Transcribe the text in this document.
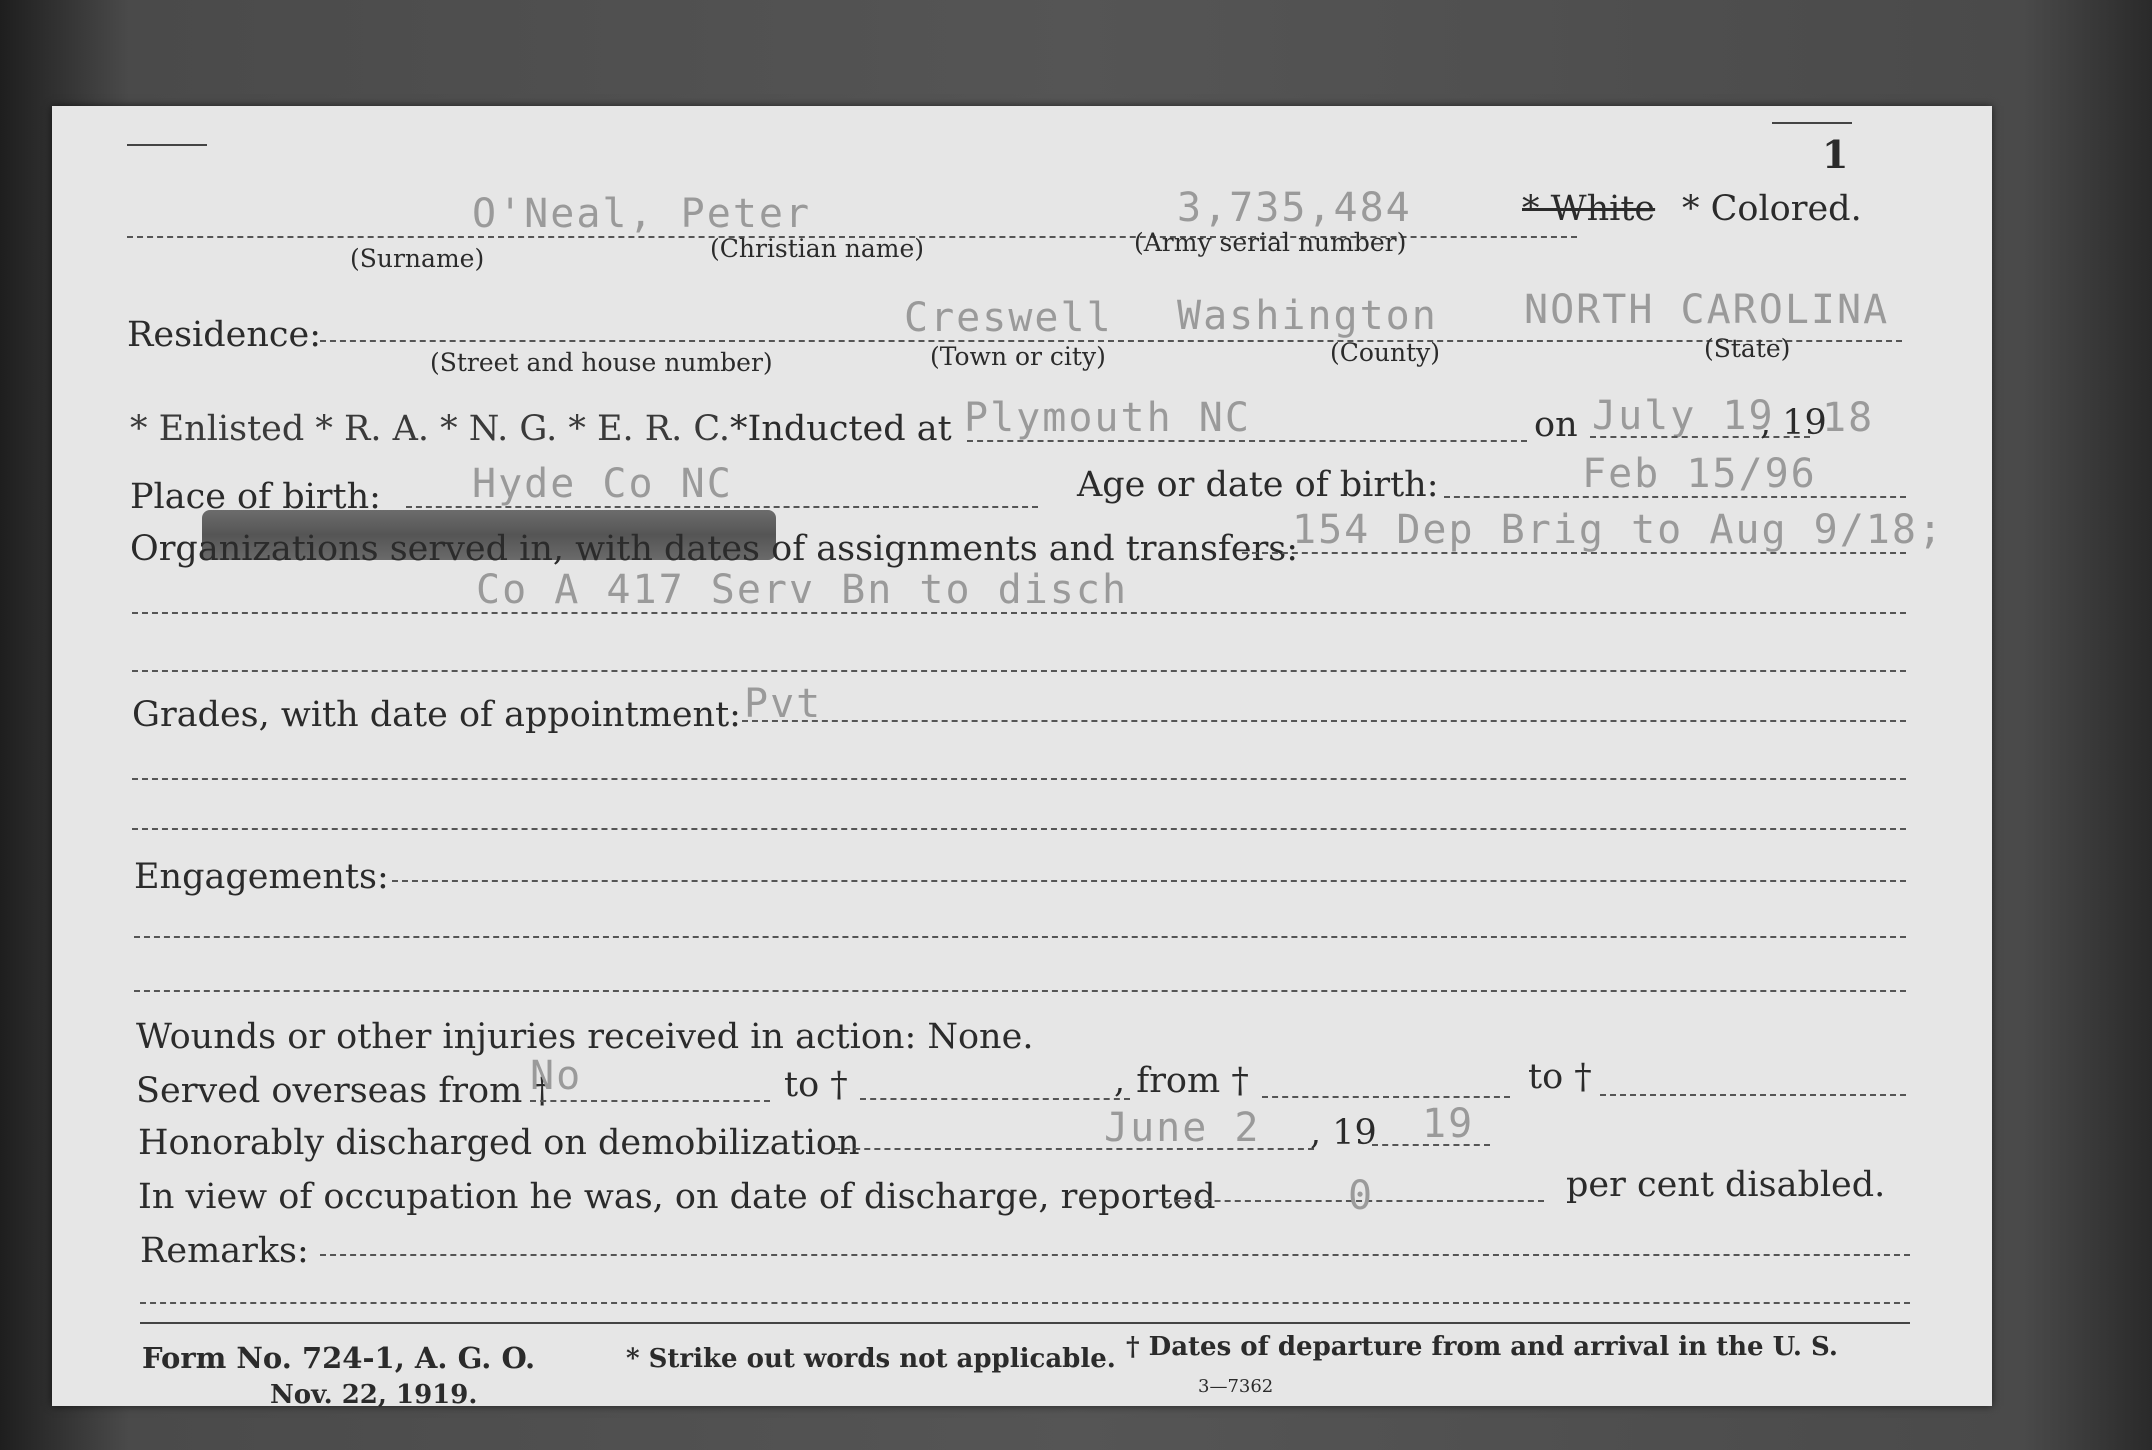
1
O'Neal, Peter	3,735,484	* White * Colored.
(Surname)	(Christian name)	(Army serial number)
Residence:	Creswell Washington NORTH CAROLINA
(Street and house number)	(Town or city)	(County)	(State)
* Enlisted * R. A. * N. G. * E. R. C. *Inducted at Plymouth NC	on July 19
, 19
18
Place of birth: Hyde Co NC	Age or date of birth:	Feb 15/96
Organizations served in, with dates of assignments and transfers:
154 Dep Brig to Aug 9/18;
Co A 417 Serv Bn to disch
Grades, with date of appointment: Pvt
Engagements:
Wounds or other injuries received in action: None.
Served overseas from †
No	to †	, from †	to †
Honorably discharged on demobilization	June 2 , 19 19
In view of occupation he was, on date of discharge, reported	0	per cent disabled.
Remarks:
Form No. 724-1, A. G. O.
Nov. 22, 1919.
* Strike out words not applicable. † Dates of departure from and arrival in the U. S.
3—7362
